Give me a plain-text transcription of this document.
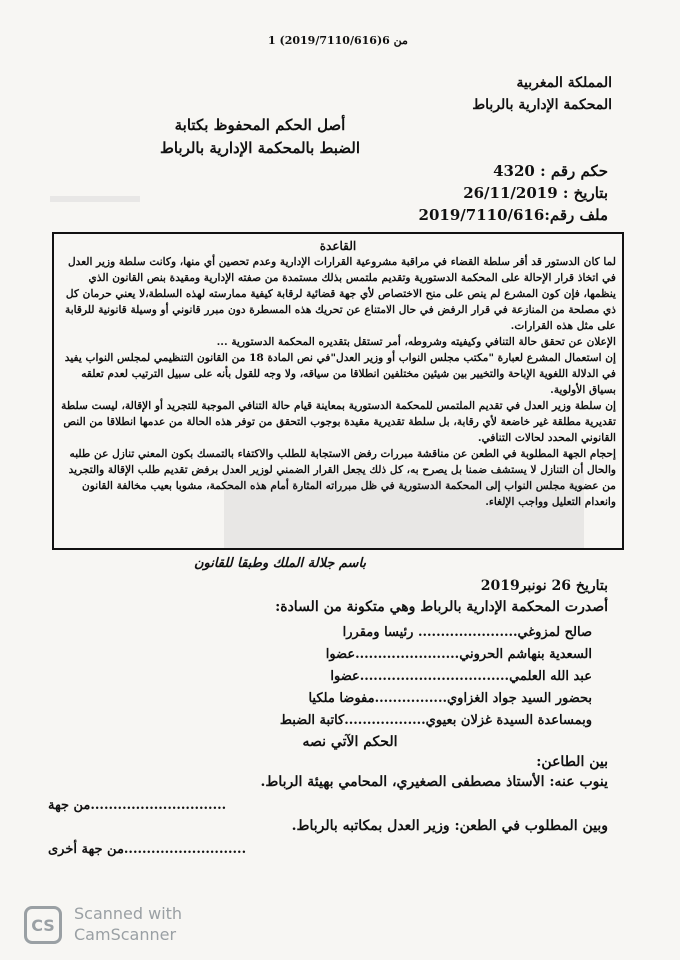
1 من 6(2019/7110/616)
المملكة المغربية
المحكمة الإدارية بالرباط
أصل الحكم المحفوظ بكتابة
الضبط بالمحكمة الإدارية بالرباط
حكم رقم : 4320
بتاريخ : 26/11/2019
ملف رقم:2019/7110/616
القاعدة

لما كان الدستور قد أقر سلطة القضاء في مراقبة مشروعية القرارات الإدارية وعدم تحصين أي منها، وكانت سلطة وزير العدل في اتخاذ قرار الإحالة على المحكمة الدستورية وتقديم ملتمس بذلك مستمدة من صفته الإدارية ومقيدة بنص القانون الذي ينظمها، فإن كون المشرع لم ينص على منح الاختصاص لأي جهة قضائية لرقابة كيفية ممارسته لهذه السلطة،لا يعني حرمان كل ذي مصلحة من المنازعة في قرار الرفض في حال الامتناع عن تحريك هذه المسطرة دون مبرر قانوني أو وسيلة قانونية للرقابة على مثل هذه القرارات.

الإعلان عن تحقق حالة التنافي وكيفيته وشروطه، أمر تستقل بتقديره المحكمة الدستورية ...

إن استعمال المشرع لعبارة "مكتب مجلس النواب أو وزير العدل"في نص المادة 18 من القانون التنظيمي لمجلس النواب يفيد في الدلالة اللغوية الإباحة والتخيير بين شيئين مختلفين انطلاقا من سياقه، ولا وجه للقول بأنه على سبيل الترتيب لعدم تعلقه بسياق الأولوية.

إن سلطة وزير العدل في تقديم الملتمس للمحكمة الدستورية بمعاينة قيام حالة التنافي الموجبة للتجريد أو الإقالة، ليست سلطة تقديرية مطلقة غير خاضعة لأي رقابة، بل سلطة تقديرية مقيدة بوجوب التحقق من توفر هذه الحالة من عدمها انطلاقا من النص القانوني المحدد لحالات التنافي.

إحجام الجهة المطلوبة في الطعن عن مناقشة مبررات رفض الاستجابة للطلب والاكتفاء بالتمسك بكون المعني تنازل عن طلبه والحال أن التنازل لا يستشف ضمنا بل يصرح به، كل ذلك يجعل القرار الضمني لوزير العدل برفض تقديم طلب الإقالة والتجريد من عضوية مجلس النواب إلى المحكمة الدستورية في ظل مبرراته المثارة أمام هذه المحكمة، مشوبا بعيب مخالفة القانون وانعدام التعليل وواجب الإلغاء.

باسم جلالة الملك وطبقا للقانون
بتاريخ 26 نونبر2019
أصدرت المحكمة الإدارية بالرباط وهي متكونة من السادة:
صالح لمزوغي...................... رئيسا ومقررا
السعدية بنهاشم الحروني.......................عضوا
عبد الله العلمي.................................عضوا
بحضور السيد جواد الغزاوي................مفوضا ملكيا
وبمساعدة السيدة غزلان بعيوي..................كاتبة الضبط
الحكم الآتي نصه
بين الطاعن:
ينوب عنه: الأستاذ مصطفى الصغيري، المحامي بهيئة الرباط.
..............................من جهة
وبين المطلوب في الطعن: وزير العدل بمكاتبه بالرباط.
...........................من جهة أخرى
CS
Scanned with
CamScanner
